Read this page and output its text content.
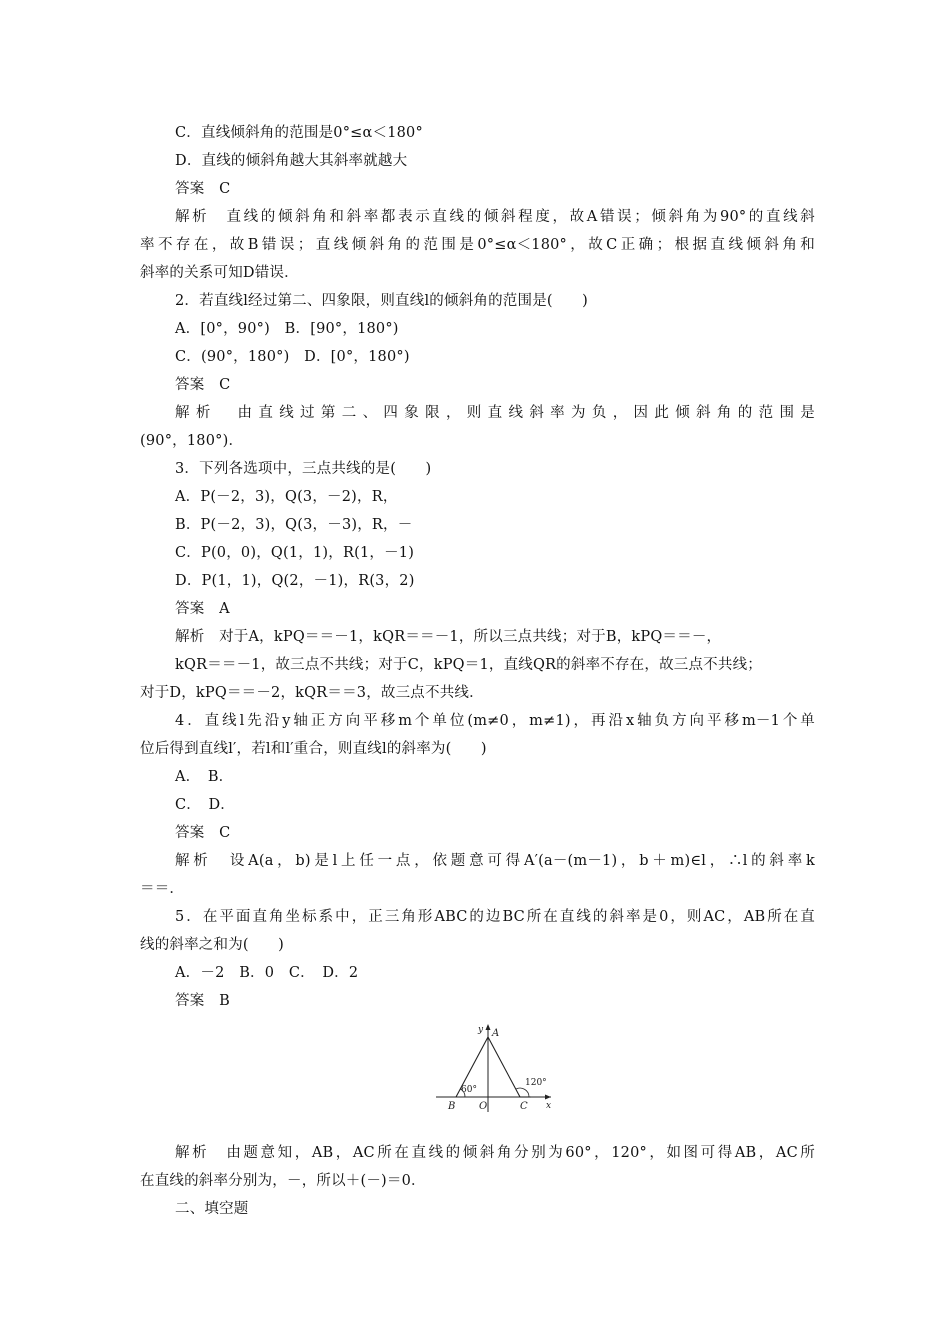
C．直线倾斜角的范围是0°≤α＜180°
D．直线的倾斜角越大其斜率就越大
答案　C
解析　直线的倾斜角和斜率都表示直线的倾斜程度，故A错误；倾斜角为90°的直线斜
率不存在，故B错误；直线倾斜角的范围是0°≤α＜180°，故C正确；根据直线倾斜角和
斜率的关系可知D错误．
2．若直线l经过第二、四象限，则直线l的倾斜角的范围是(　　)
A．[0°，90°)　B．[90°，180°)
C．(90°，180°)　D．[0°，180°)
答案　C
解析　由直线过第二、四象限，则直线斜率为负，因此倾斜角的范围是
(90°，180°)．
3．下列各选项中，三点共线的是(　　)
A．P(－2，3)，Q(3，－2)，R，
B．P(－2，3)，Q(3，－3)，R，－
C．P(0，0)，Q(1，1)，R(1，－1)
D．P(1，1)，Q(2，－1)，R(3，2)
答案　A
解析　对于A，kPQ＝＝－1，kQR＝＝－1，所以三点共线；对于B，kPQ＝＝－，
kQR＝＝－1，故三点不共线；对于C，kPQ＝1，直线QR的斜率不存在，故三点不共线；
对于D，kPQ＝＝－2，kQR＝＝3，故三点不共线．
4．直线l先沿y轴正方向平移m个单位(m≠0，m≠1)，再沿x轴负方向平移m－1个单
位后得到直线l′，若l和l′重合，则直线l的斜率为(　　)
A．　B．
C．　D．
答案　C
解析　设A(a，b)是l上任一点，依题意可得A′(a－(m－1)，b＋m)∈l，∴l的斜率k
＝＝．
5．在平面直角坐标系中，正三角形ABC的边BC所在直线的斜率是0，则AC，AB所在直
线的斜率之和为(　　)
A．－2　B．0　C．　D．2
答案　B
y A
B O	C x
60°
120°
解析　由题意知，AB，AC所在直线的倾斜角分别为60°，120°，如图可得AB，AC所
在直线的斜率分别为，－，所以＋(－)＝0．
二、填空题
